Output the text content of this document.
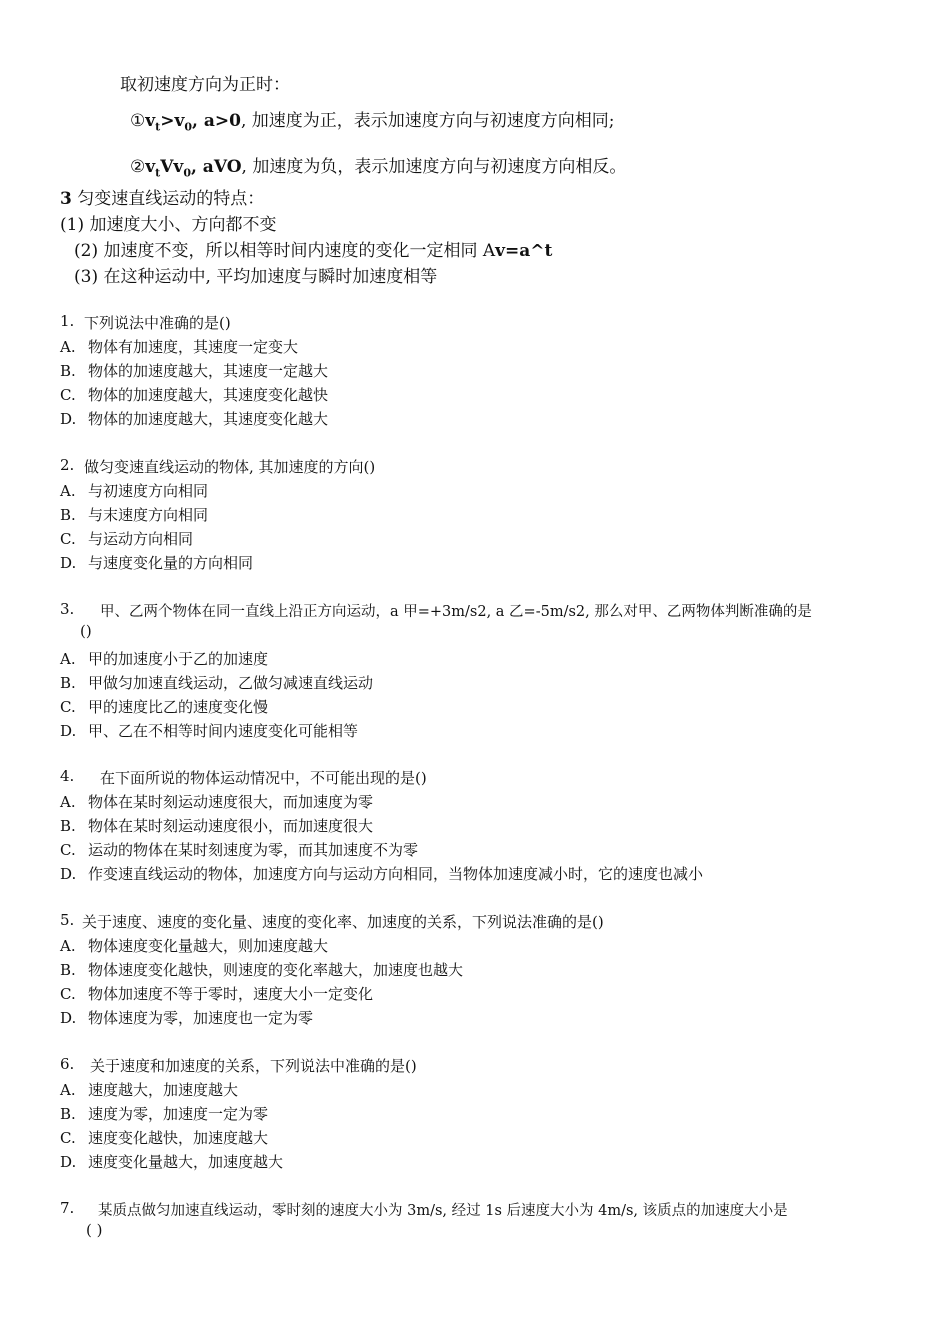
取初速度方向为正时：
$①v_t>v_0$, a>0, 加速度为正，表示加速度方向与初速度方向相同;
$②v_tVv_0$, aVO, 加速度为负，表示加速度方向与初速度方向相反。
3 匀变速直线运动的特点：
(1) 加速度大小、方向都不变
(2) 加速度不变，所以相等时间内速度的变化一定相同 Av=a^t
(3) 在这种运动中, 平均加速度与瞬时加速度相等
1. 下列说法中准确的是()
A. 物体有加速度，其速度一定变大
B. 物体的加速度越大，其速度一定越大
C. 物体的加速度越大，其速度变化越快
D. 物体的加速度越大，其速度变化越大
2. 做匀变速直线运动的物体, 其加速度的方向()
A. 与初速度方向相同
B. 与末速度方向相同
C. 与运动方向相同
D. 与速度变化量的方向相同
3. 甲、乙两个物体在同一直线上沿正方向运动，a 甲=+3m/s2, a 乙=-5m/s2, 那么对甲、乙两物体判断准确的是
()
A. 甲的加速度小于乙的加速度
B. 甲做匀加速直线运动，乙做匀减速直线运动
C. 甲的速度比乙的速度变化慢
D. 甲、乙在不相等时间内速度变化可能相等
4. 在下面所说的物体运动情况中，不可能出现的是()
A. 物体在某时刻运动速度很大，而加速度为零
B. 物体在某时刻运动速度很小，而加速度很大
C. 运动的物体在某时刻速度为零，而其加速度不为零
D. 作变速直线运动的物体，加速度方向与运动方向相同，当物体加速度减小时，它的速度也减小
5. 关于速度、速度的变化量、速度的变化率、加速度的关系，下列说法准确的是()
A. 物体速度变化量越大，则加速度越大
B. 物体速度变化越快，则速度的变化率越大，加速度也越大
C. 物体加速度不等于零时，速度大小一定变化
D. 物体速度为零，加速度也一定为零
6. 关于速度和加速度的关系，下列说法中准确的是()
A. 速度越大，加速度越大
B. 速度为零，加速度一定为零
C. 速度变化越快，加速度越大
D. 速度变化量越大，加速度越大
7. 某质点做匀加速直线运动，零时刻的速度大小为 3m/s, 经过 1s 后速度大小为 4m/s, 该质点的加速度大小是
( )
